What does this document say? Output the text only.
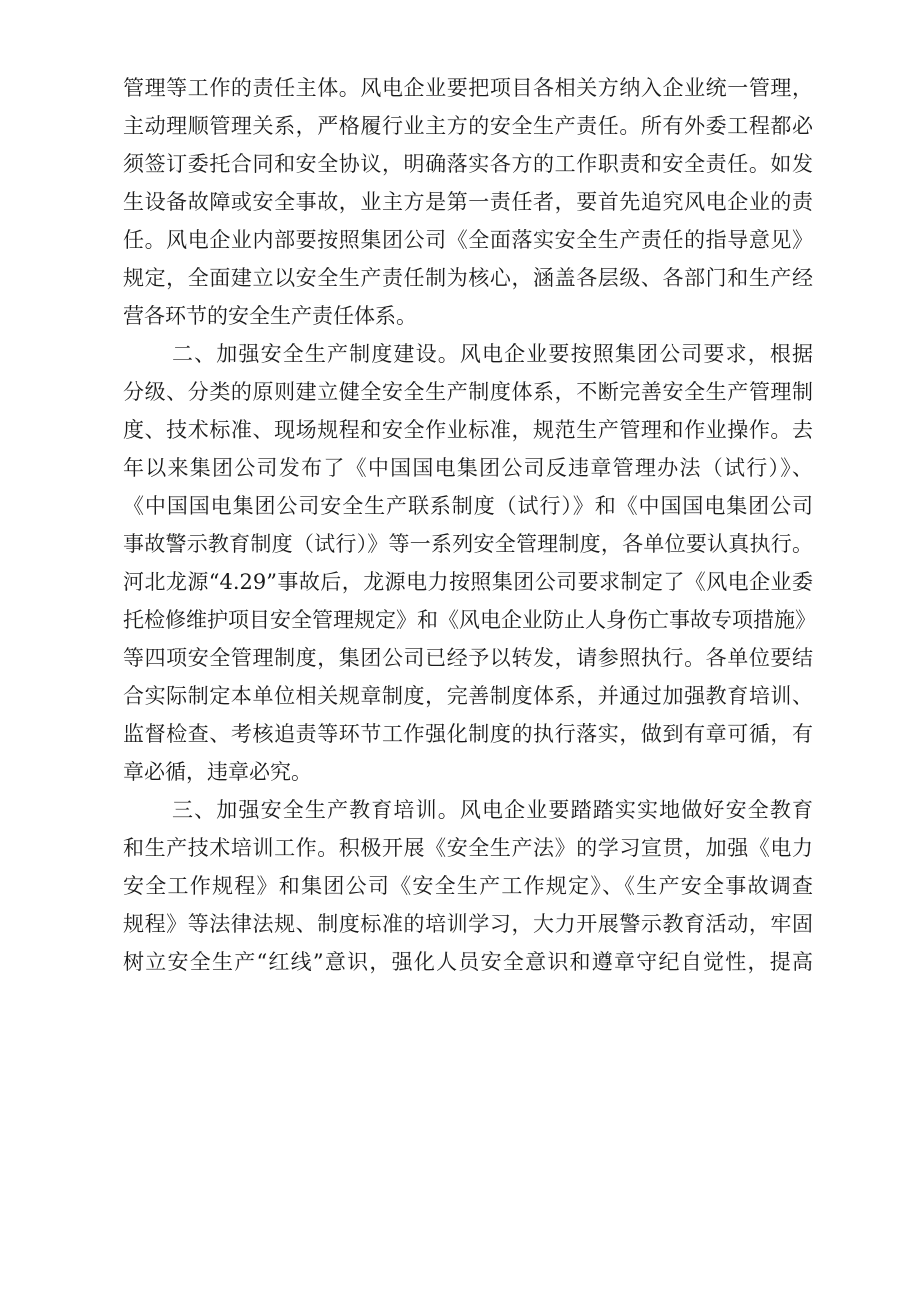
管理等工作的责任主体。风电企业要把项目各相关方纳入企业统一管理，
主动理顺管理关系，严格履行业主方的安全生产责任。所有外委工程都必
须签订委托合同和安全协议，明确落实各方的工作职责和安全责任。如发
生设备故障或安全事故，业主方是第一责任者，要首先追究风电企业的责
任。风电企业内部要按照集团公司《全面落实安全生产责任的指导意见》
规定，全面建立以安全生产责任制为核心，涵盖各层级、各部门和生产经
营各环节的安全生产责任体系。
二、加强安全生产制度建设。风电企业要按照集团公司要求，根据
分级、分类的原则建立健全安全生产制度体系，不断完善安全生产管理制
度、技术标准、现场规程和安全作业标准，规范生产管理和作业操作。去
年以来集团公司发布了《中国国电集团公司反违章管理办法（试行）》、
《中国国电集团公司安全生产联系制度（试行）》和《中国国电集团公司
事故警示教育制度（试行）》等一系列安全管理制度，各单位要认真执行。
河北龙源“4.29”事故后，龙源电力按照集团公司要求制定了《风电企业委
托检修维护项目安全管理规定》和《风电企业防止人身伤亡事故专项措施》
等四项安全管理制度，集团公司已经予以转发，请参照执行。各单位要结
合实际制定本单位相关规章制度，完善制度体系，并通过加强教育培训、
监督检查、考核追责等环节工作强化制度的执行落实，做到有章可循，有
章必循，违章必究。
三、加强安全生产教育培训。风电企业要踏踏实实地做好安全教育
和生产技术培训工作。积极开展《安全生产法》的学习宣贯，加强《电力
安全工作规程》和集团公司《安全生产工作规定》、《生产安全事故调查
规程》等法律法规、制度标准的培训学习，大力开展警示教育活动，牢固
树立安全生产“红线”意识，强化人员安全意识和遵章守纪自觉性，提高
